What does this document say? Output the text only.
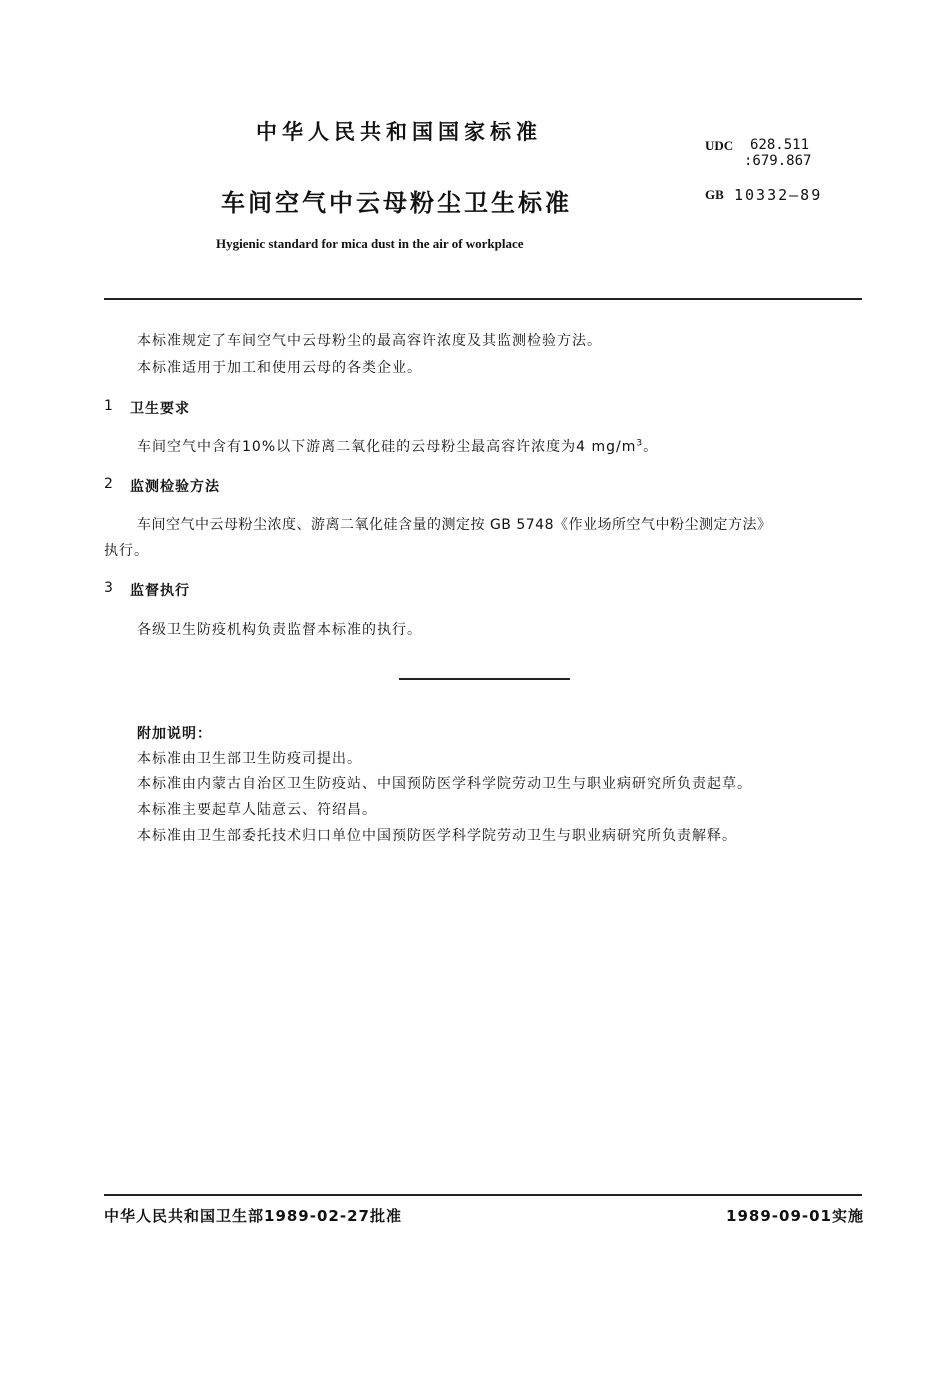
中华人民共和国国家标准
车间空气中云母粉尘卫生标准
Hygienic standard for mica dust in the air of workplace
UDC 628.511
:679.867
GB 10332—89
本标准规定了车间空气中云母粉尘的最高容许浓度及其监测检验方法。
本标准适用于加工和使用云母的各类企业。
1 卫生要求
车间空气中含有10%以下游离二氧化硅的云母粉尘最高容许浓度为4 $mg/m^3$。
2 监测检验方法
车间空气中云母粉尘浓度、游离二氧化硅含量的测定按 GB 5748《作业场所空气中粉尘测定方法》
执行。
3 监督执行
各级卫生防疫机构负责监督本标准的执行。
附加说明：
本标准由卫生部卫生防疫司提出。
本标准由内蒙古自治区卫生防疫站、中国预防医学科学院劳动卫生与职业病研究所负责起草。
本标准主要起草人陆意云、符绍昌。
本标准由卫生部委托技术归口单位中国预防医学科学院劳动卫生与职业病研究所负责解释。
中华人民共和国卫生部1989-02-27批准	1989-09-01实施
